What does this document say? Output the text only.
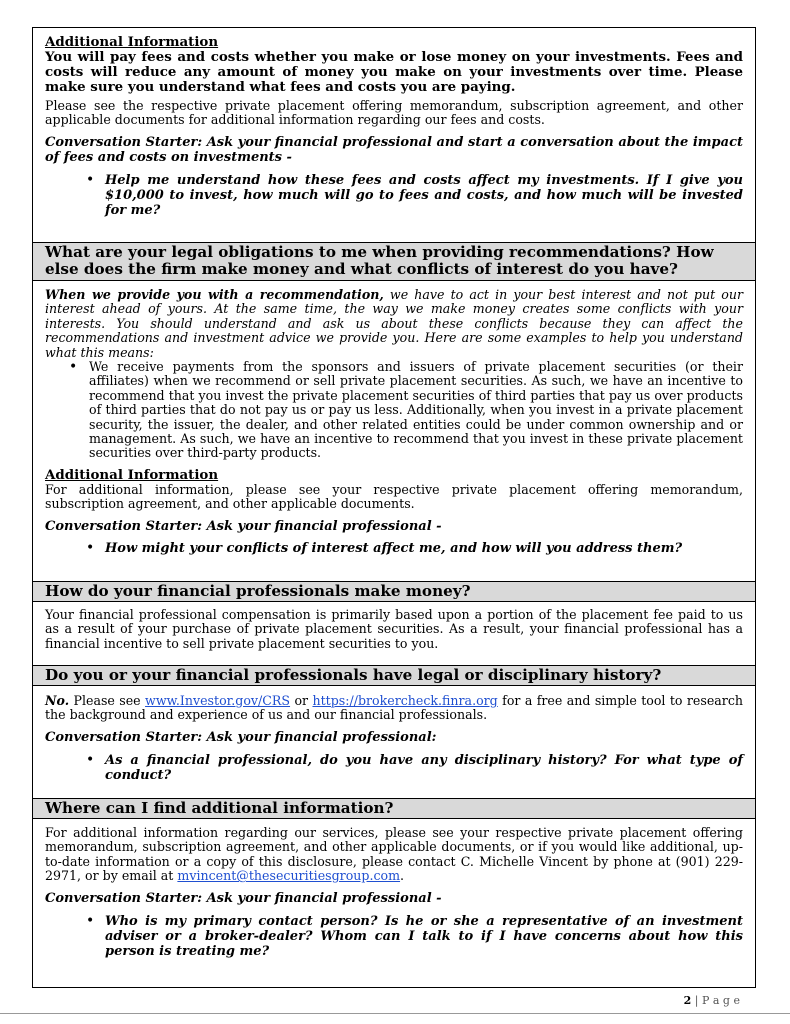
Additional Information

You will pay fees and costs whether you make or lose money on your investments. Fees and costs will reduce any amount of money you make on your investments over time. Please make sure you understand what fees and costs you are paying.

Please see the respective private placement offering memorandum, subscription agreement, and other applicable documents for additional information regarding our fees and costs.

Conversation Starter: Ask your financial professional and start a conversation about the impact of fees and costs on investments -

• Help me understand how these fees and costs affect my investments. If I give you $10,000 to invest, how much will go to fees and costs, and how much will be invested for me?

What are your legal obligations to me when providing recommendations? How else does the firm make money and what conflicts of interest do you have?

When we provide you with a recommendation, we have to act in your best interest and not put our interest ahead of yours. At the same time, the way we make money creates some conflicts with your interests. You should understand and ask us about these conflicts because they can affect the recommendations and investment advice we provide you. Here are some examples to help you understand what this means:

• We receive payments from the sponsors and issuers of private placement securities (or their affiliates) when we recommend or sell private placement securities. As such, we have an incentive to recommend that you invest the private placement securities of third parties that pay us over products of third parties that do not pay us or pay us less. Additionally, when you invest in a private placement security, the issuer, the dealer, and other related entities could be under common ownership and or management. As such, we have an incentive to recommend that you invest in these private placement securities over third-party products.

Additional Information

For additional information, please see your respective private placement offering memorandum, subscription agreement, and other applicable documents.

Conversation Starter: Ask your financial professional -

• How might your conflicts of interest affect me, and how will you address them?

How do your financial professionals make money?

Your financial professional compensation is primarily based upon a portion of the placement fee paid to us as a result of your purchase of private placement securities. As a result, your financial professional has a financial incentive to sell private placement securities to you.

Do you or your financial professionals have legal or disciplinary history?

No. Please see www.Investor.gov/CRS or https://brokercheck.finra.org for a free and simple tool to research the background and experience of us and our financial professionals.

Conversation Starter: Ask your financial professional:

• As a financial professional, do you have any disciplinary history? For what type of conduct?

Where can I find additional information?

For additional information regarding our services, please see your respective private placement offering memorandum, subscription agreement, and other applicable documents, or if you would like additional, up-to-date information or a copy of this disclosure, please contact C. Michelle Vincent by phone at (901) 229-2971, or by email at mvincent@thesecuritiesgroup.com.

Conversation Starter: Ask your financial professional -

• Who is my primary contact person? Is he or she a representative of an investment adviser or a broker-dealer? Whom can I talk to if I have concerns about how this person is treating me?

2 | P a g e
